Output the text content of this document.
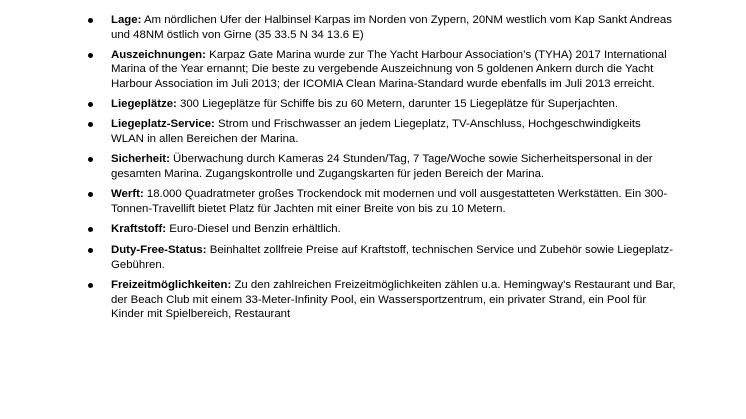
Lage: Am nördlichen Ufer der Halbinsel Karpas im Norden von Zypern, 20NM westlich vom Kap Sankt Andreas und 48NM östlich von Girne (35 33.5 N 34 13.6 E)
Auszeichnungen: Karpaz Gate Marina wurde zur The Yacht Harbour Association’s (TYHA) 2017 International Marina of the Year ernannt; Die beste zu vergebende Auszeichnung von 5 goldenen Ankern durch die Yacht Harbour Association im Juli 2013; der ICOMIA Clean Marina-Standard wurde ebenfalls im Juli 2013 erreicht.
Liegeplätze: 300 Liegeplätze für Schiffe bis zu 60 Metern, darunter 15 Liegeplätze für Superjachten.
Liegeplatz-Service: Strom und Frischwasser an jedem Liegeplatz, TV-Anschluss, Hochgeschwindigkeits WLAN in allen Bereichen der Marina.
Sicherheit: Überwachung durch Kameras 24 Stunden/Tag, 7 Tage/Woche sowie Sicherheitspersonal in der gesamten Marina. Zugangskontrolle und Zugangskarten für jeden Bereich der Marina.
Werft: 18.000 Quadratmeter großes Trockendock mit modernen und voll ausgestatteten Werkstätten. Ein 300-Tonnen-Travellift bietet Platz für Jachten mit einer Breite von bis zu 10 Metern.
Kraftstoff: Euro-Diesel und Benzin erhältlich.
Duty-Free-Status: Beinhaltet zollfreie Preise auf Kraftstoff, technischen Service und Zubehör sowie Liegeplatz-Gebühren.
Freizeitmöglichkeiten: Zu den zahlreichen Freizeitmöglichkeiten zählen u.a. Hemingway’s Restaurant und Bar, der Beach Club mit einem 33-Meter-Infinity Pool, ein Wassersportzentrum, ein privater Strand, ein Pool für Kinder mit Spielbereich, Restaurant
